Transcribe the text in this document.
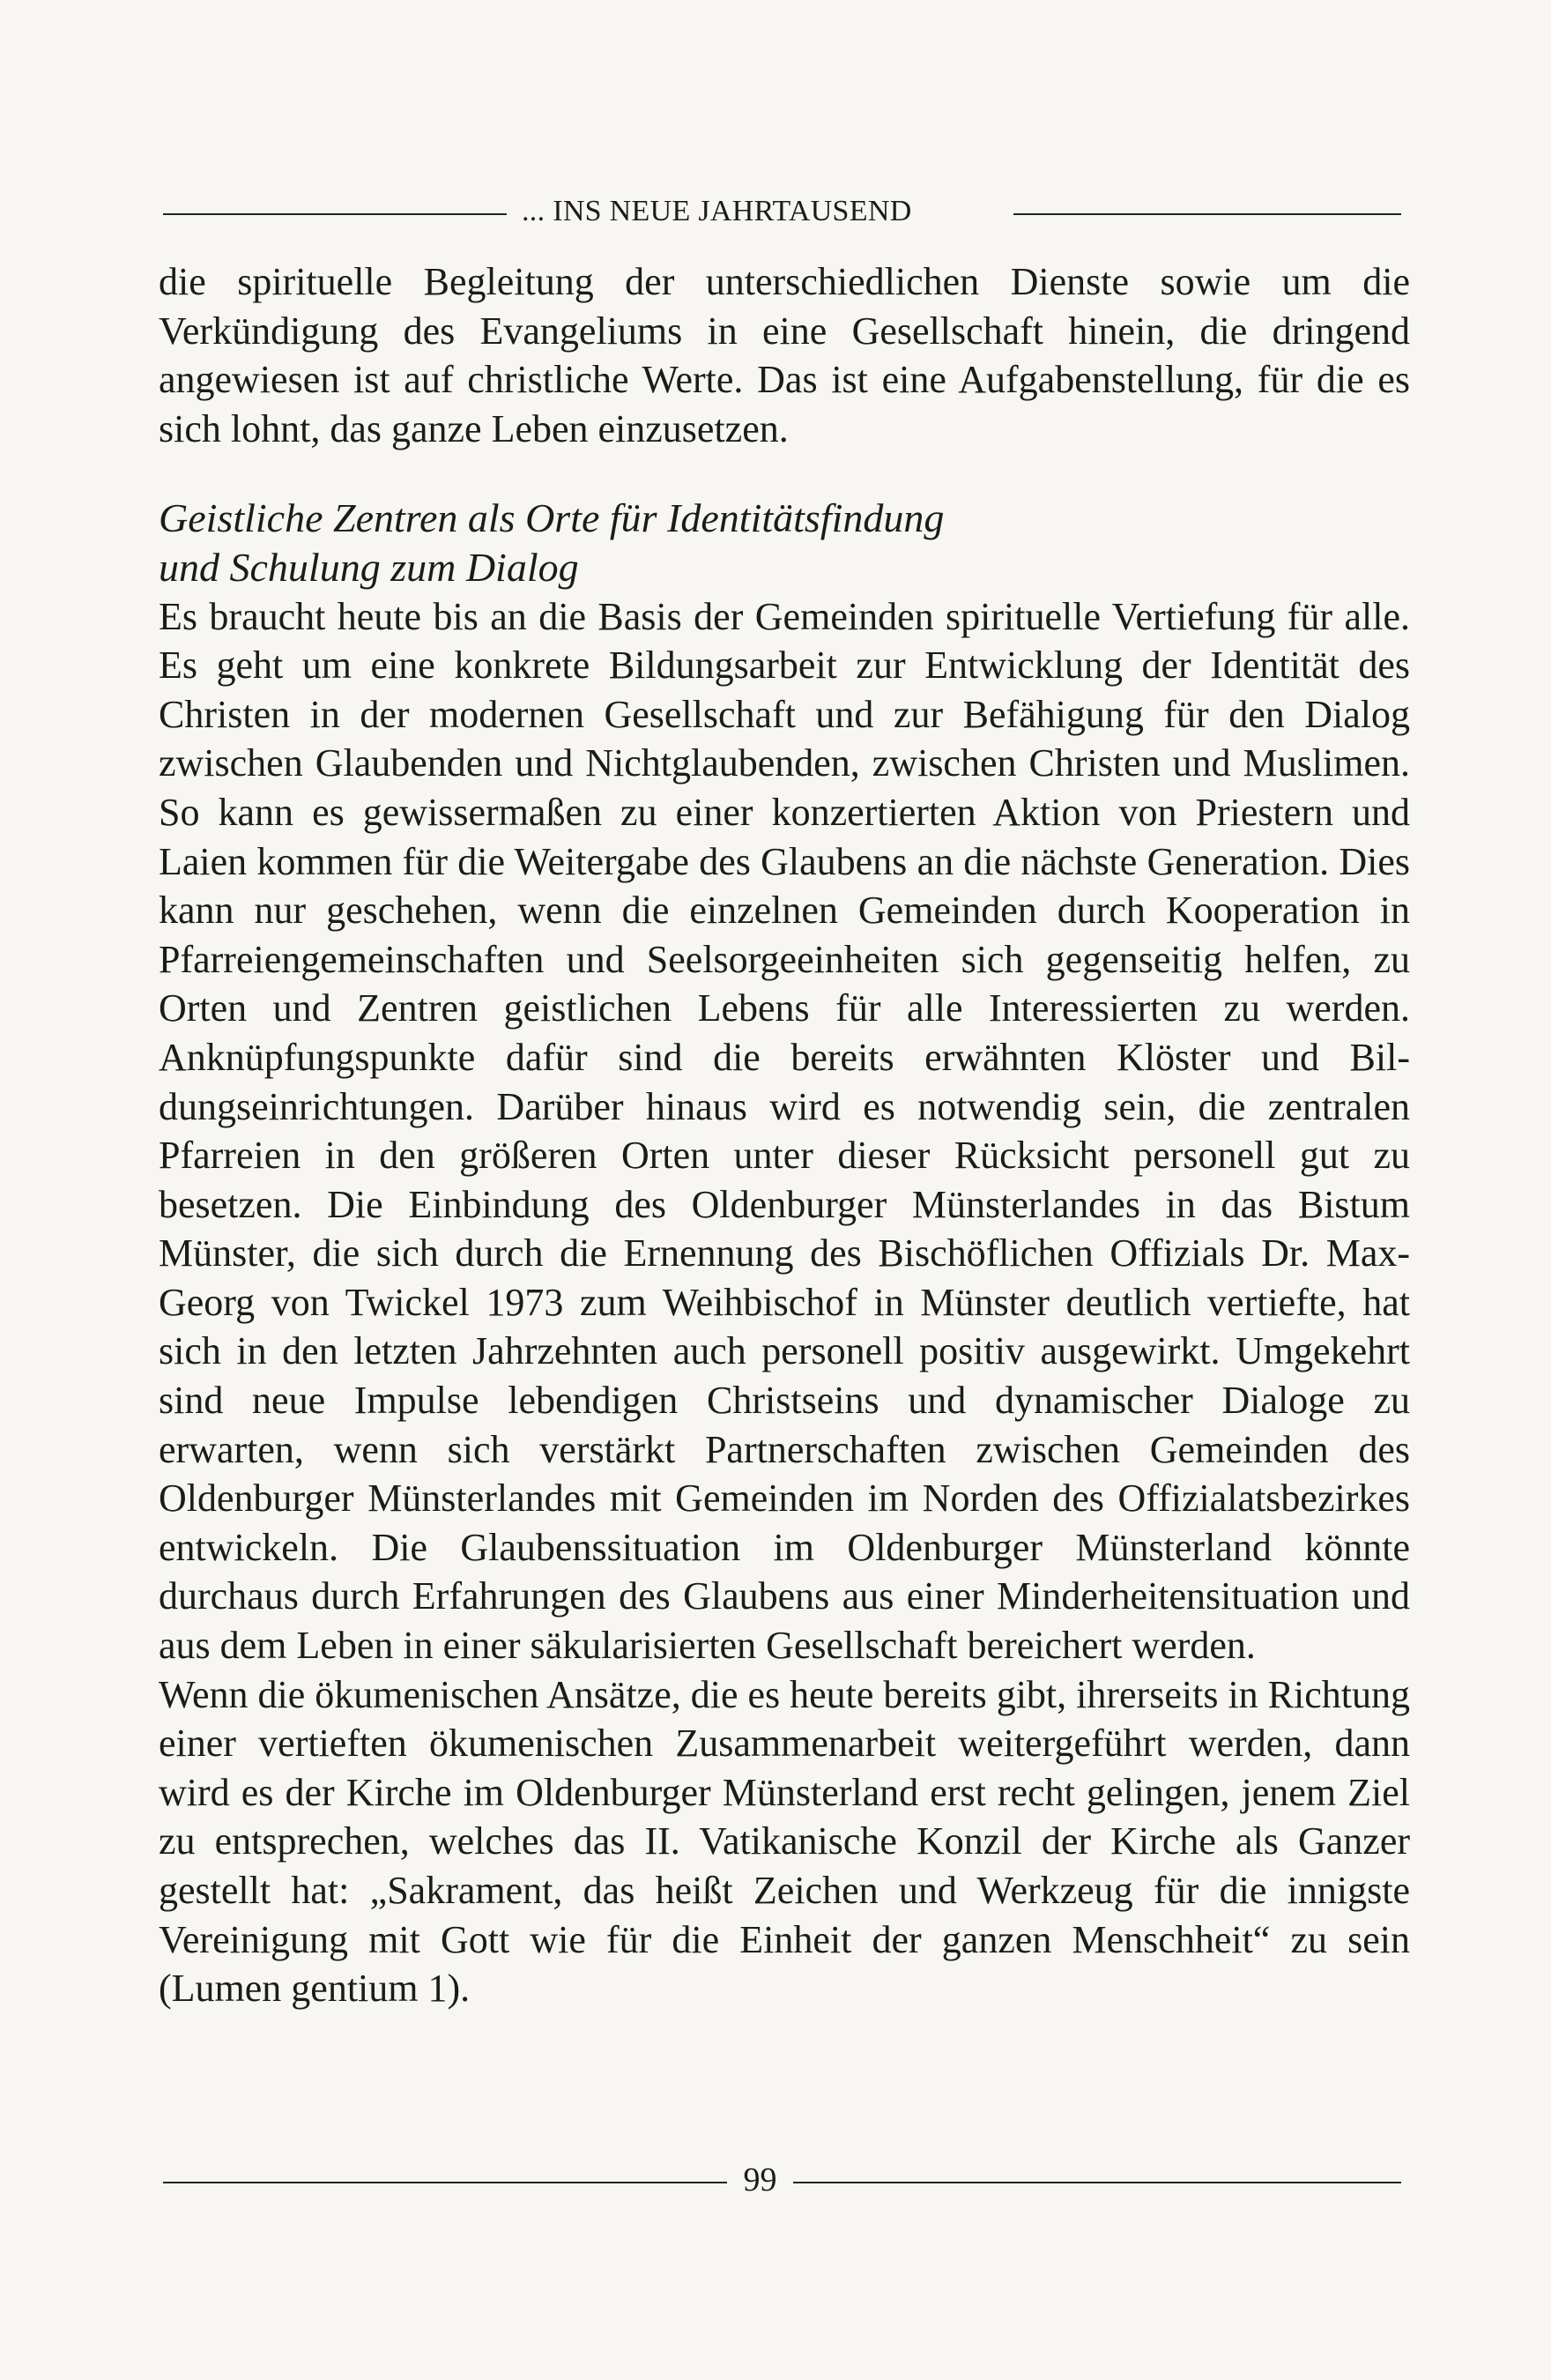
... INS NEUE JAHRTAUSEND

die spirituelle Begleitung der unterschiedlichen Dienste sowie um die Verkündigung des Evangeliums in eine Gesellschaft hinein, die dringend angewiesen ist auf christliche Werte. Das ist eine Aufgabenstellung, für die es sich lohnt, das ganze Leben einzusetzen.

Geistliche Zentren als Orte für Identitätsfindung
und Schulung zum Dialog

Es braucht heute bis an die Basis der Gemeinden spirituelle Vertiefung für alle. Es geht um eine konkrete Bildungsarbeit zur Entwicklung der Identität des Christen in der modernen Gesellschaft und zur Befähigung für den Dialog zwischen Glaubenden und Nichtglaubenden, zwischen Christen und Muslimen. So kann es gewissermaßen zu einer konzertierten Aktion von Priestern und Laien kommen für die Weitergabe des Glaubens an die nächste Generation. Dies kann nur geschehen, wenn die einzelnen Gemeinden durch Kooperation in Pfarreiengemeinschaften und Seelsorgeeinheiten sich gegenseitig helfen, zu Orten und Zentren geistlichen Lebens für alle Interessierten zu werden. Anknüpfungspunkte dafür sind die bereits erwähnten Klöster und Bildungseinrichtungen. Darüber hinaus wird es notwendig sein, die zentralen Pfarreien in den größeren Orten unter dieser Rücksicht personell gut zu besetzen. Die Einbindung des Oldenburger Münsterlandes in das Bistum Münster, die sich durch die Ernennung des Bischöflichen Offizials Dr. Max-Georg von Twickel 1973 zum Weihbischof in Münster deutlich vertiefte, hat sich in den letzten Jahrzehnten auch personell positiv ausgewirkt. Umgekehrt sind neue Impulse lebendigen Christseins und dynamischer Dialoge zu erwarten, wenn sich verstärkt Partnerschaften zwischen Gemeinden des Oldenburger Münsterlandes mit Gemeinden im Norden des Offizialatsbezirkes entwickeln. Die Glaubenssituation im Oldenburger Münsterland könnte durchaus durch Erfahrungen des Glaubens aus einer Minderheitensituation und aus dem Leben in einer säkularisierten Gesellschaft bereichert werden.

Wenn die ökumenischen Ansätze, die es heute bereits gibt, ihrerseits in Richtung einer vertieften ökumenischen Zusammenarbeit weitergeführt werden, dann wird es der Kirche im Oldenburger Münsterland erst recht gelingen, jenem Ziel zu entsprechen, welches das II. Vatikanische Konzil der Kirche als Ganzer gestellt hat: „Sakrament, das heißt Zeichen und Werkzeug für die innigste Vereinigung mit Gott wie für die Einheit der ganzen Menschheit“ zu sein (Lumen gentium 1).

99
